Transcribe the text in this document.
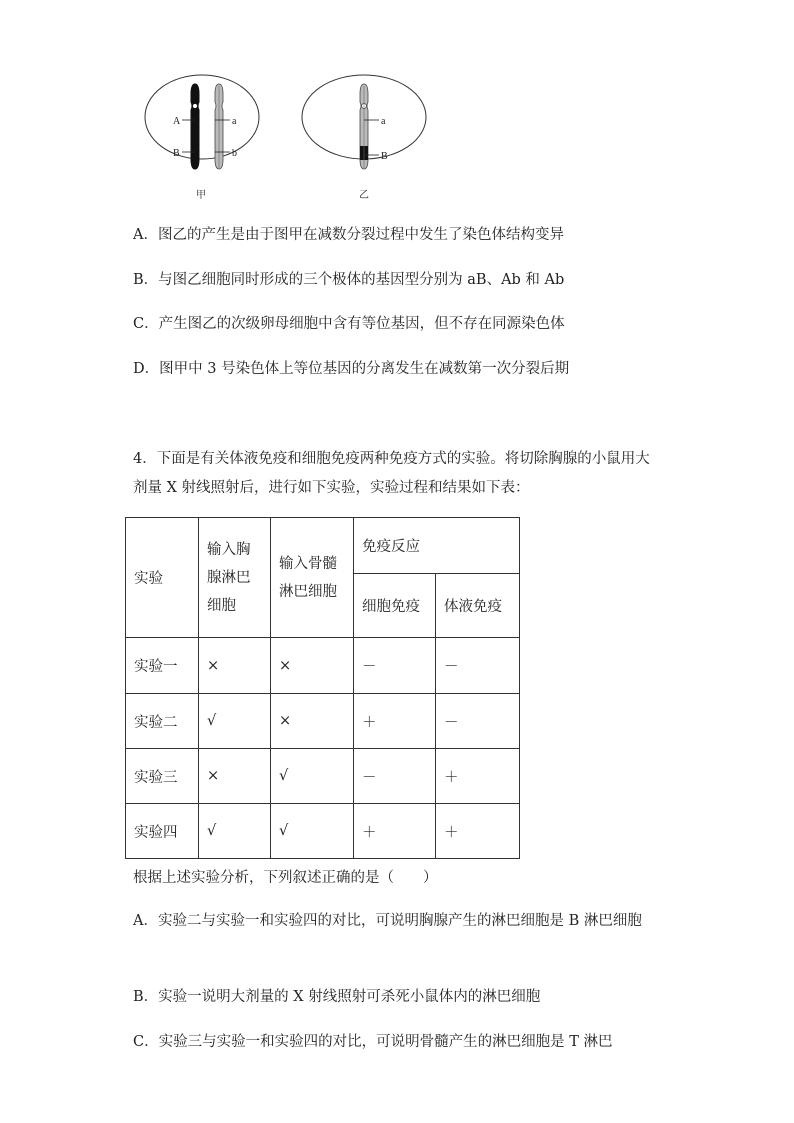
A
B
a
b
甲
a
B
乙
A．图乙的产生是由于图甲在减数分裂过程中发生了染色体结构变异
B．与图乙细胞同时形成的三个极体的基因型分别为 aB、Ab 和 Ab
C．产生图乙的次级卵母细胞中含有等位基因，但不存在同源染色体
D．图甲中 3 号染色体上等位基因的分离发生在减数第一次分裂后期
4．下面是有关体液免疫和细胞免疫两种免疫方式的实验。将切除胸腺的小鼠用大剂量 X 射线照射后，进行如下实验，实验过程和结果如下表：
实验	输入胸腺淋巴细胞	输入骨髓淋巴细胞	免疫反应	
			细胞免疫	体液免疫
实验一	×	×	－	－
实验二	√	×	＋	－
实验三	×	√	－	＋
实验四	√	√	＋	＋
根据上述实验分析，下列叙述正确的是（　　）
A．实验二与实验一和实验四的对比，可说明胸腺产生的淋巴细胞是 B 淋巴细胞
B．实验一说明大剂量的 X 射线照射可杀死小鼠体内的淋巴细胞
C．实验三与实验一和实验四的对比，可说明骨髓产生的淋巴细胞是 T 淋巴
